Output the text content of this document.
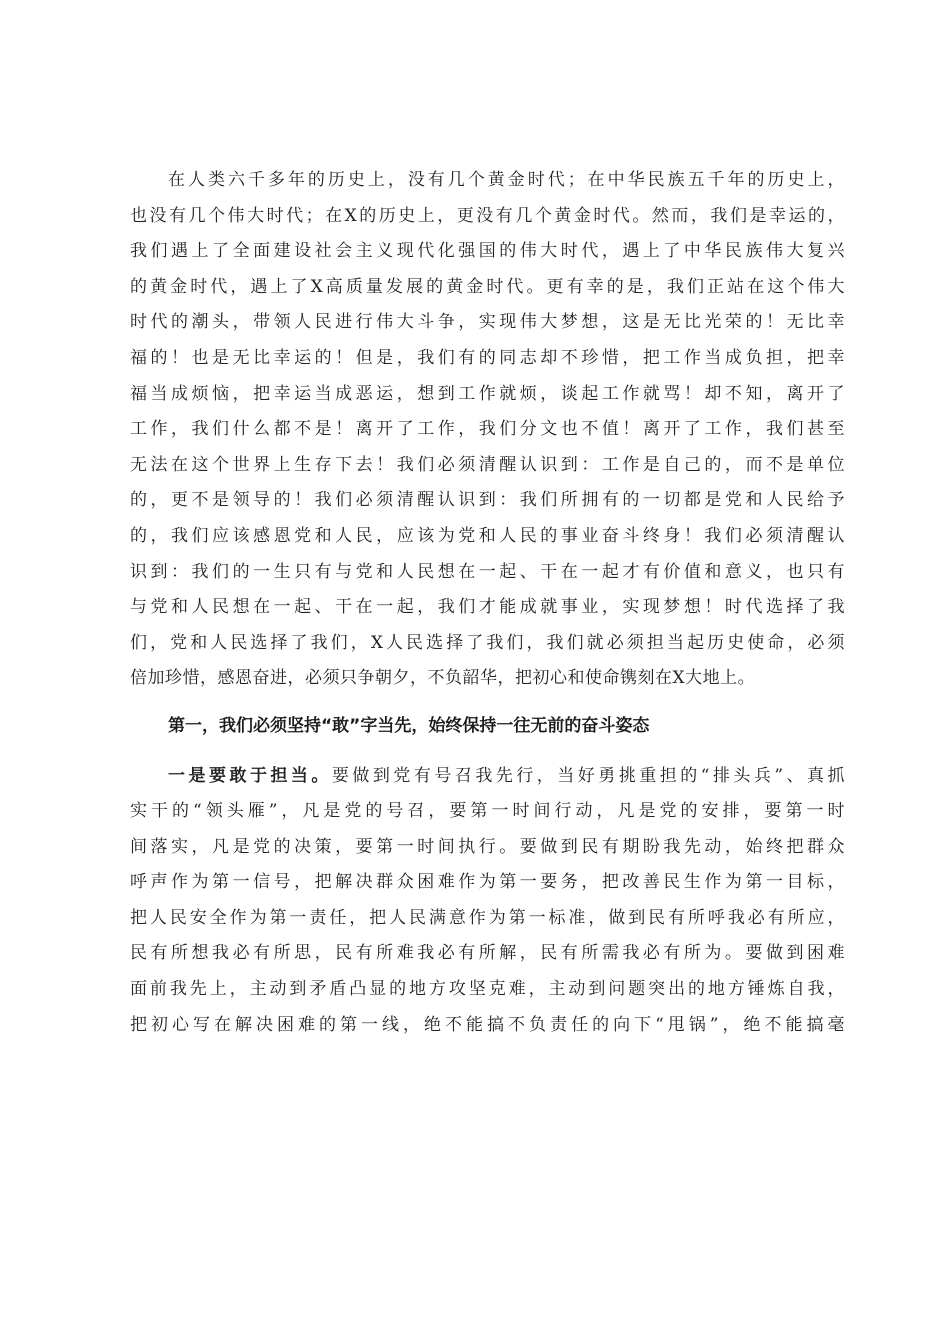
在人类六千多年的历史上，没有几个黄金时代；在中华民族五千年的历史上，
也没有几个伟大时代；在X的历史上，更没有几个黄金时代。然而，我们是幸运的，
我们遇上了全面建设社会主义现代化强国的伟大时代，遇上了中华民族伟大复兴
的黄金时代，遇上了X高质量发展的黄金时代。更有幸的是，我们正站在这个伟大
时代的潮头，带领人民进行伟大斗争，实现伟大梦想，这是无比光荣的！无比幸
福的！也是无比幸运的！但是，我们有的同志却不珍惜，把工作当成负担，把幸
福当成烦恼，把幸运当成恶运，想到工作就烦，谈起工作就骂！却不知，离开了
工作，我们什么都不是！离开了工作，我们分文也不值！离开了工作，我们甚至
无法在这个世界上生存下去！我们必须清醒认识到：工作是自己的，而不是单位
的，更不是领导的！我们必须清醒认识到：我们所拥有的一切都是党和人民给予
的，我们应该感恩党和人民，应该为党和人民的事业奋斗终身！我们必须清醒认
识到：我们的一生只有与党和人民想在一起、干在一起才有价值和意义，也只有
与党和人民想在一起、干在一起，我们才能成就事业，实现梦想！时代选择了我
们，党和人民选择了我们，X人民选择了我们，我们就必须担当起历史使命，必须
倍加珍惜，感恩奋进，必须只争朝夕，不负韶华，把初心和使命镌刻在X大地上。
第一，我们必须坚持“敢”字当先，始终保持一往无前的奋斗姿态
一是要敢于担当。要做到党有号召我先行，当好勇挑重担的“排头兵”、真抓
实干的“领头雁”，凡是党的号召，要第一时间行动，凡是党的安排，要第一时
间落实，凡是党的决策，要第一时间执行。要做到民有期盼我先动，始终把群众
呼声作为第一信号，把解决群众困难作为第一要务，把改善民生作为第一目标，
把人民安全作为第一责任，把人民满意作为第一标准，做到民有所呼我必有所应，
民有所想我必有所思，民有所难我必有所解，民有所需我必有所为。要做到困难
面前我先上，主动到矛盾凸显的地方攻坚克难，主动到问题突出的地方锤炼自我，
把初心写在解决困难的第一线，绝不能搞不负责任的向下“甩锅”，绝不能搞毫
